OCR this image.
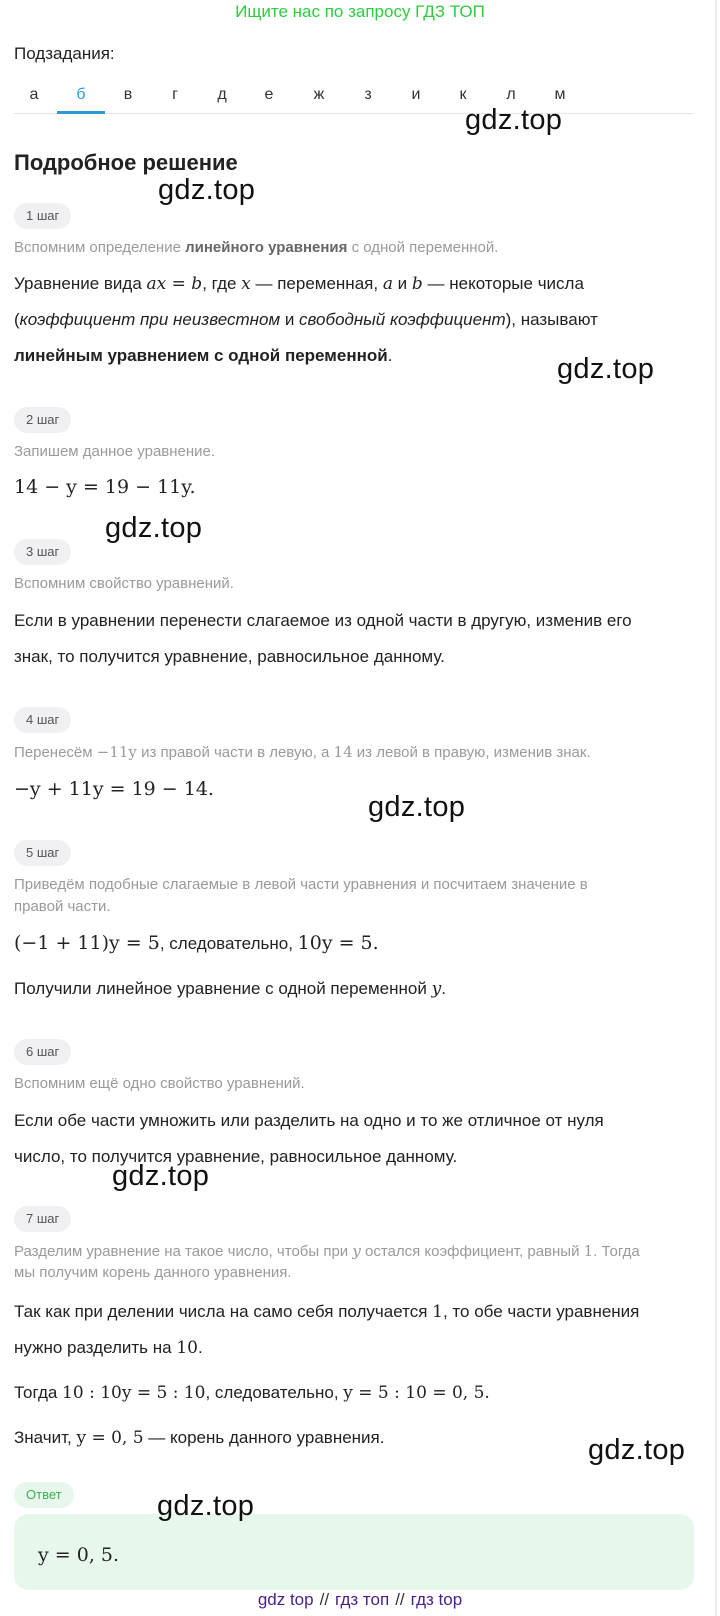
Ищите нас по запросу ГДЗ ТОП
Подзадания:
а	б	в	г	д	е	ж	з	и	к	л	м
gdz.top
gdz.top
gdz.top
gdz.top
gdz.top
gdz.top
gdz.top
gdz.top
Подробное решение
1 шаг
Вспомним определение линейного уравнения с одной переменной.
Уравнение вида ax = b, где x — переменная, a и b — некоторые числа
(коэффициент при неизвестном и свободный коэффициент), называют
линейным уравнением с одной переменной.
2 шаг
Запишем данное уравнение.
14 − y = 19 − 11y.
3 шаг
Вспомним свойство уравнений.
Если в уравнении перенести слагаемое из одной части в другую, изменив его
знак, то получится уравнение, равносильное данному.
4 шаг
Перенесём −11y из правой части в левую, а 14 из левой в правую, изменив знак.
−y + 11y = 19 − 14.
5 шаг
Приведём подобные слагаемые в левой части уравнения и посчитаем значение в
правой части.
(−1 + 11)y = 5, следовательно, 10y = 5.
Получили линейное уравнение с одной переменной y.
6 шаг
Вспомним ещё одно свойство уравнений.
Если обе части умножить или разделить на одно и то же отличное от нуля
число, то получится уравнение, равносильное данному.
7 шаг
Разделим уравнение на такое число, чтобы при y остался коэффициент, равный 1. Тогда
мы получим корень данного уравнения.
Так как при делении числа на само себя получается 1, то обе части уравнения
нужно разделить на 10.
Тогда 10 : 10y = 5 : 10, следовательно, y = 5 : 10 = 0, 5.
Значит, y = 0, 5 — корень данного уравнения.
Ответ
y = 0, 5.
gdz top // гдз топ // гдз top
